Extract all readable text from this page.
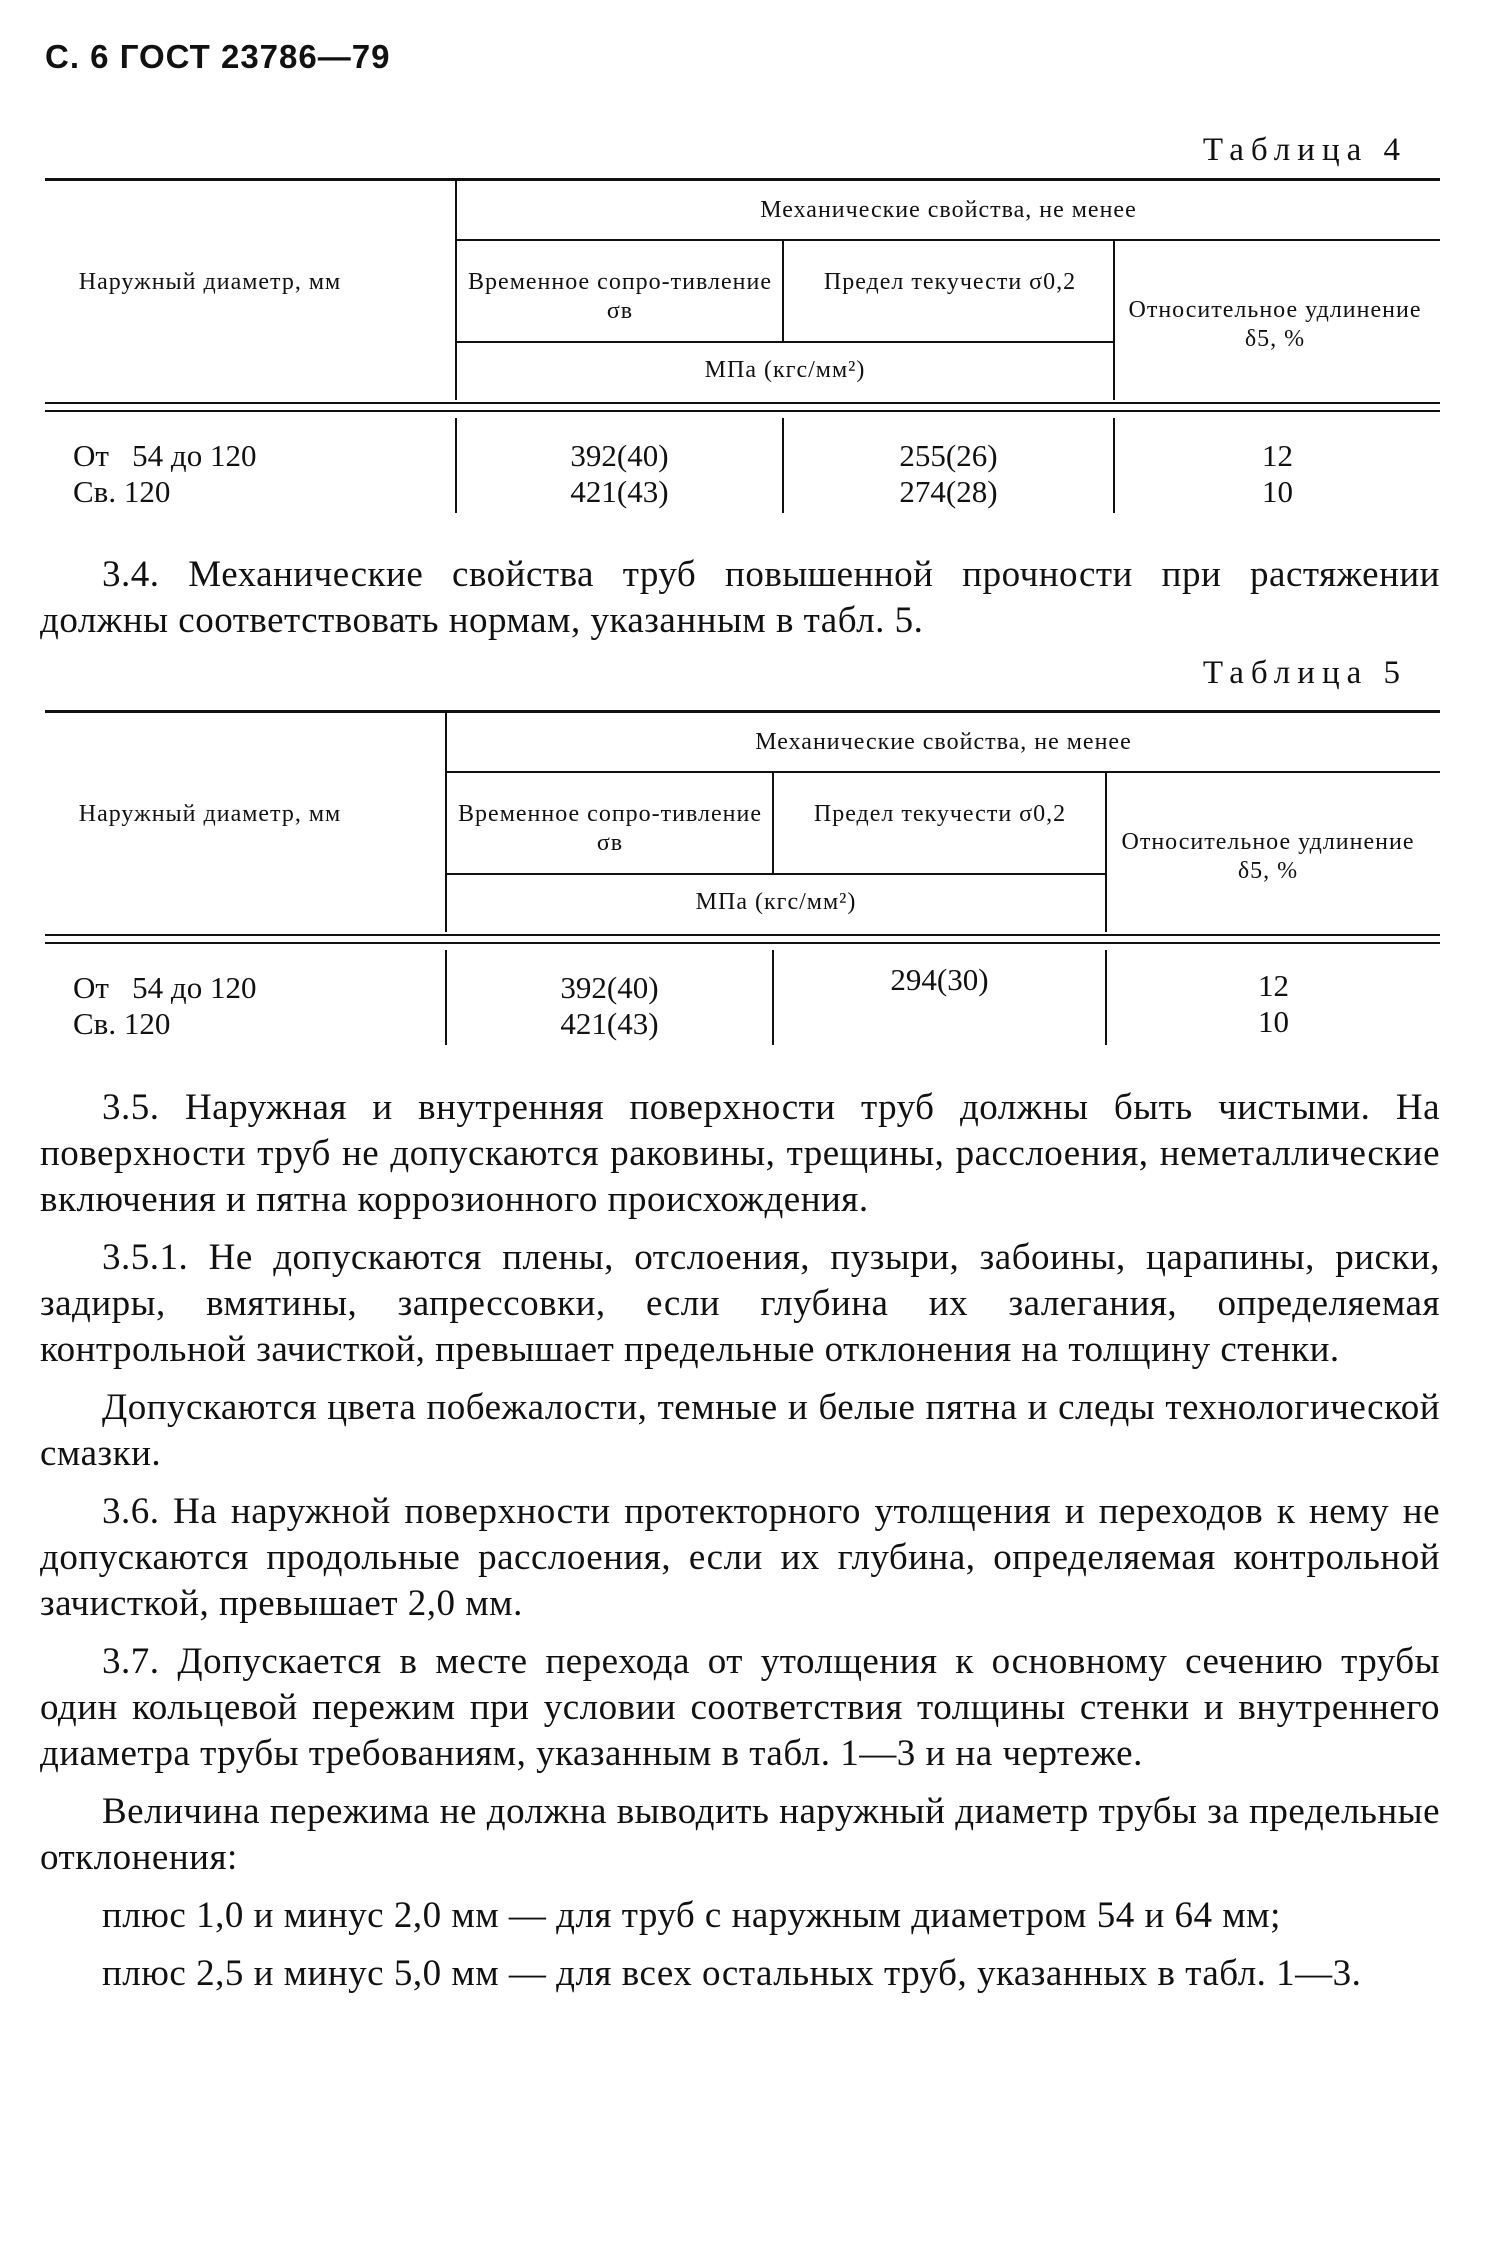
С. 6 ГОСТ 23786—79
Таблица 4
Наружный диаметр, мм
Механические свойства, не менее
Временное сопро-тивление σв
Предел текучести σ0,2
МПа (кгс/мм²)
Относительное удлинение δ5, %
От   54 до 120
Св. 120
392(40)
421(43)
255(26)
274(28)
12
10
3.4. Механические свойства труб повышенной прочности при растяжении должны соответствовать нормам, указанным в табл. 5.
Таблица 5
Наружный диаметр, мм
Механические свойства, не менее
Временное сопро-тивление σв
Предел текучести σ0,2
МПа (кгс/мм²)
Относительное удлинение δ5, %
От   54 до 120
Св. 120
392(40)
421(43)
294(30)	12
10
3.5. Наружная и внутренняя поверхности труб должны быть чистыми. На поверхности труб не допускаются раковины, трещины, расслоения, неметаллические включения и пятна коррозионного происхождения.
3.5.1. Не допускаются плены, отслоения, пузыри, забоины, царапины, риски, задиры, вмятины, запрессовки, если глубина их залегания, определяемая контрольной зачисткой, превышает предельные отклонения на толщину стенки.
Допускаются цвета побежалости, темные и белые пятна и следы технологической смазки.
3.6. На наружной поверхности протекторного утолщения и переходов к нему не допускаются продольные расслоения, если их глубина, определяемая контрольной зачисткой, превышает 2,0 мм.
3.7. Допускается в месте перехода от утолщения к основному сечению трубы один кольцевой пережим при условии соответствия толщины стенки и внутреннего диаметра трубы требованиям, указанным в табл. 1—3 и на чертеже.
Величина пережима не должна выводить наружный диаметр трубы за предельные отклонения:
плюс 1,0 и минус 2,0 мм — для труб с наружным диаметром 54 и 64 мм;
плюс 2,5 и минус 5,0 мм — для всех остальных труб, указанных в табл. 1—3.
